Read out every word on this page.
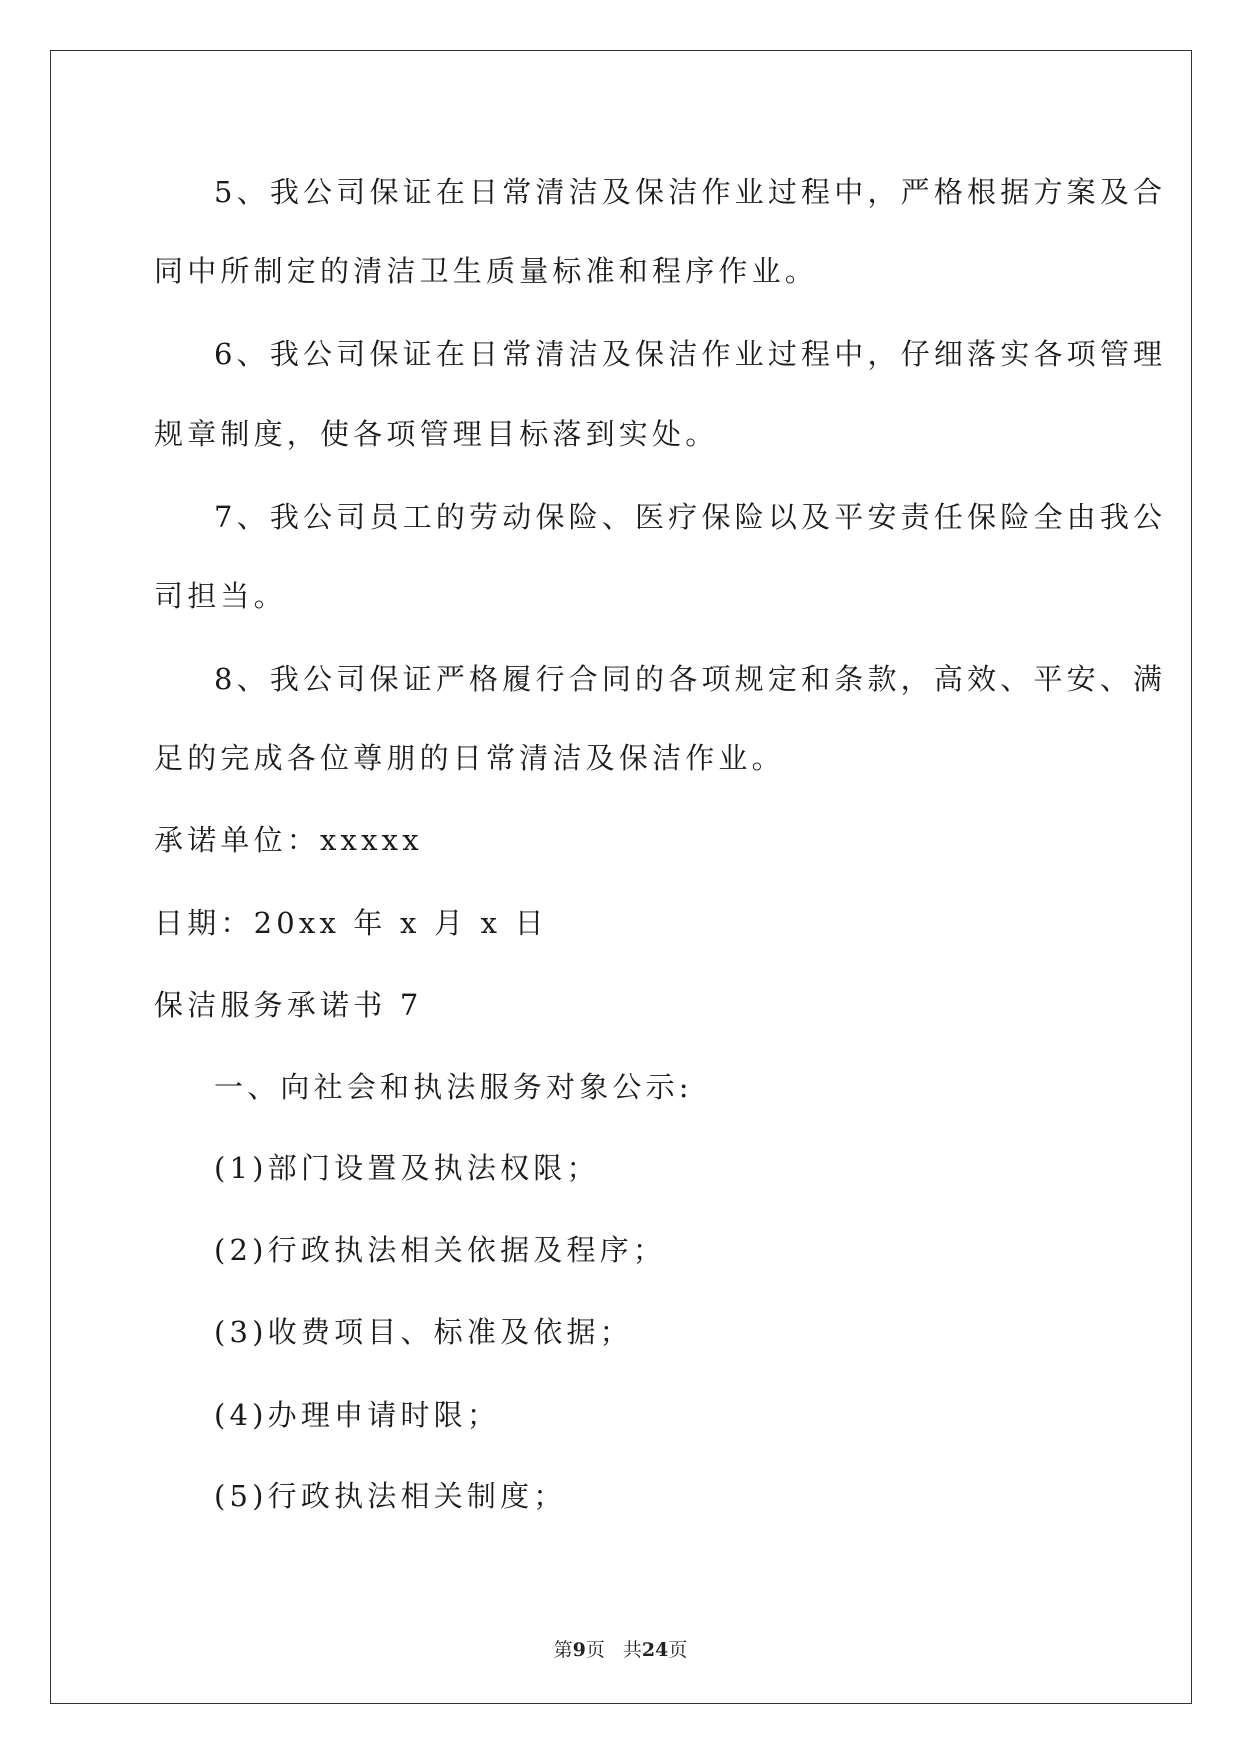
5、我公司保证在日常清洁及保洁作业过程中，严格根据方案及合
同中所制定的清洁卫生质量标准和程序作业。
6、我公司保证在日常清洁及保洁作业过程中，仔细落实各项管理
规章制度，使各项管理目标落到实处。
7、我公司员工的劳动保险、医疗保险以及平安责任保险全由我公
司担当。
8、我公司保证严格履行合同的各项规定和条款，高效、平安、满
足的完成各位尊朋的日常清洁及保洁作业。
承诺单位：xxxxx
日期：20xx 年 x 月 x 日
保洁服务承诺书 7
一、向社会和执法服务对象公示:
(1)部门设置及执法权限；
(2)行政执法相关依据及程序；
(3)收费项目、标准及依据；
(4)办理申请时限；
(5)行政执法相关制度；
第9页 共24页
